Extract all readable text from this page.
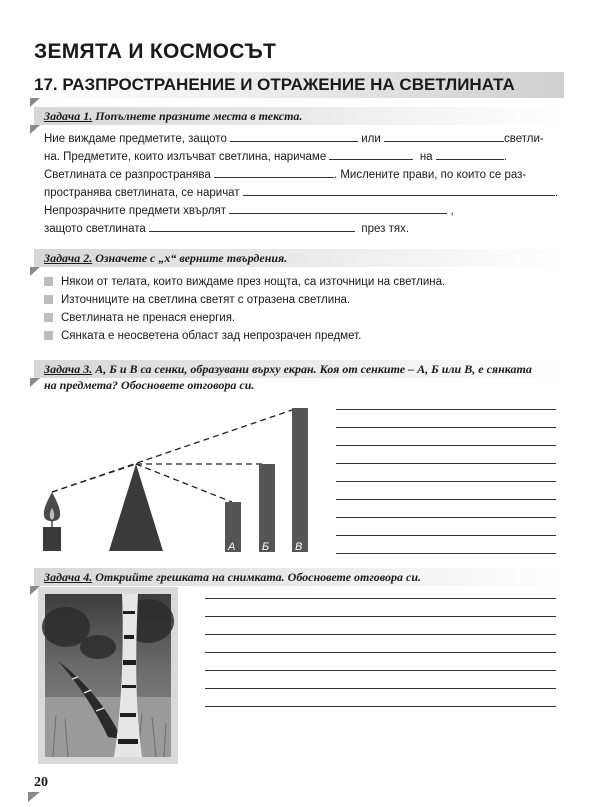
ЗЕМЯТА И КОСМОСЪТ
17. РАЗПРОСТРАНЕНИЕ И ОТРАЖЕНИЕ НА СВЕТЛИНАТА
Задача 1. Попълнете празните места в текста.
Ние виждаме предметите, защото	или	светли-
на. Предметите, които излъчват светлина, наричаме	на	.
Светлината се разпространява	. Мислените прави, по които се раз-
пространява светлината, се наричат	.
Непрозрачните предмети хвърлят	,
защото светлината	през тях.
Задача 2. Означете с „х“ верните твърдения.
Някои от телата, които виждаме през нощта, са източници на светлина.
Източниците на светлина светят с отразена светлина.
Светлината не пренася енергия.
Сянката е неосветена област зад непрозрачен предмет.
Задача 3. А, Б и В са сенки, образувани върху екран. Коя от сенките – А, Б или В, е сянката
на предмета? Обосновете отговора си.
А Б В
Задача 4. Открийте грешката на снимката. Обосновете отговора си.
20
